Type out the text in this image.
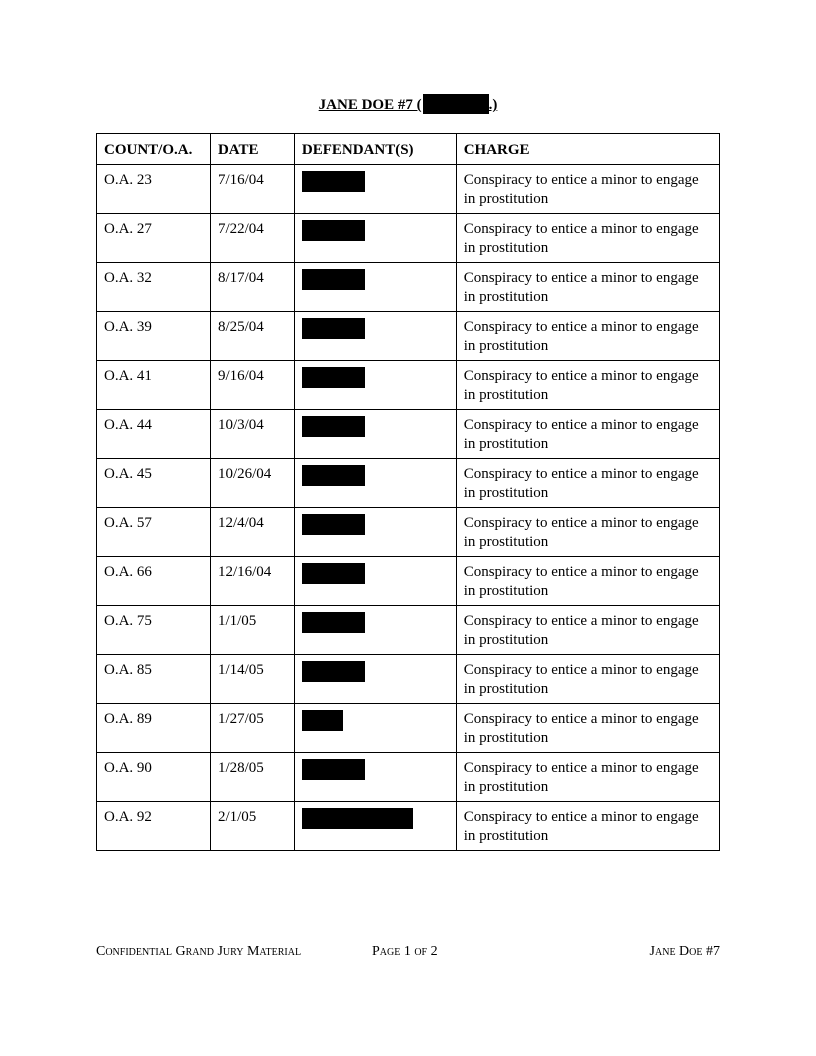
JANE DOE #7 (	.)
COUNT/O.A.	DATE	DEFENDANT(S)	CHARGE
O.A. 23	7/16/04		Conspiracy to entice a minor to engage in prostitution
O.A. 27	7/22/04		Conspiracy to entice a minor to engage in prostitution
O.A. 32	8/17/04		Conspiracy to entice a minor to engage in prostitution
O.A. 39	8/25/04		Conspiracy to entice a minor to engage in prostitution
O.A. 41	9/16/04		Conspiracy to entice a minor to engage in prostitution
O.A. 44	10/3/04		Conspiracy to entice a minor to engage in prostitution
O.A. 45	10/26/04		Conspiracy to entice a minor to engage in prostitution
O.A. 57	12/4/04		Conspiracy to entice a minor to engage in prostitution
O.A. 66	12/16/04		Conspiracy to entice a minor to engage in prostitution
O.A. 75	1/1/05		Conspiracy to entice a minor to engage in prostitution
O.A. 85	1/14/05		Conspiracy to entice a minor to engage in prostitution
O.A. 89	1/27/05		Conspiracy to entice a minor to engage in prostitution
O.A. 90	1/28/05		Conspiracy to entice a minor to engage in prostitution
O.A. 92	2/1/05		Conspiracy to entice a minor to engage in prostitution
Confidential Grand Jury Material	Page 1 of 2	Jane Doe #7
